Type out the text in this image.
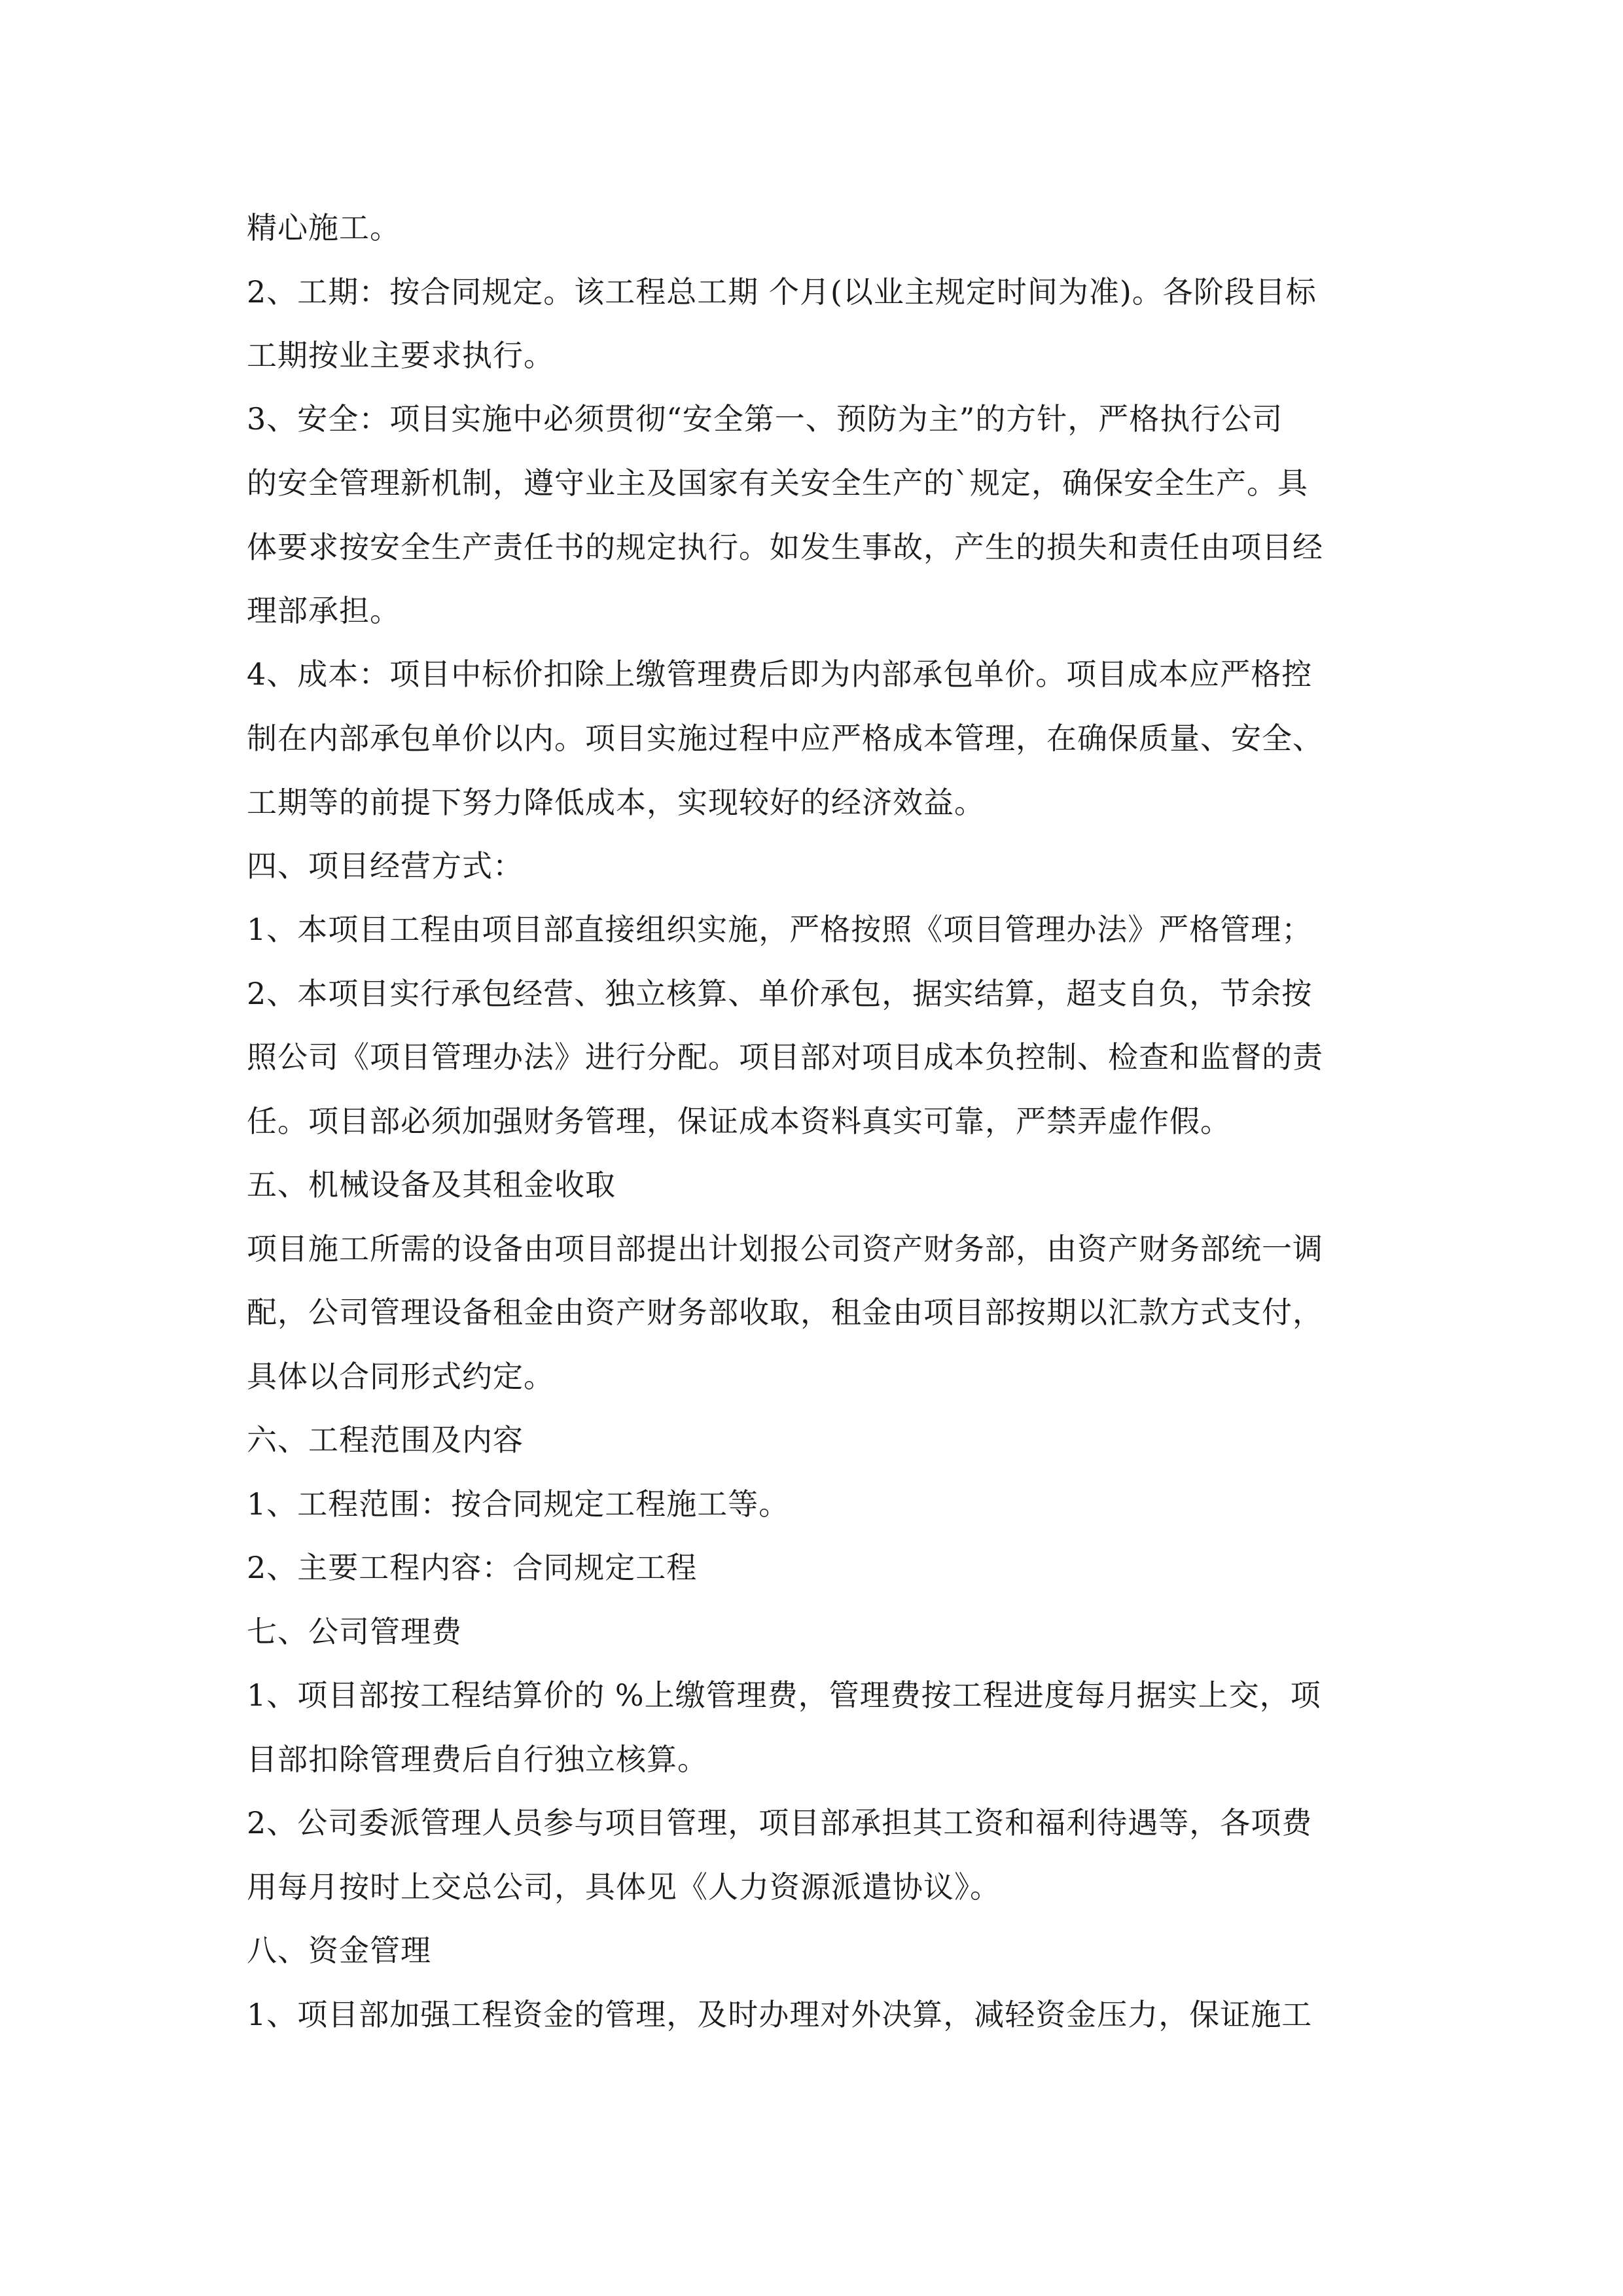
精心施工。
2、工期：按合同规定。该工程总工期 个月(以业主规定时间为准)。各阶段目标
工期按业主要求执行。
3、安全：项目实施中必须贯彻“安全第一、预防为主”的方针，严格执行公司
的安全管理新机制，遵守业主及国家有关安全生产的`规定，确保安全生产。具
体要求按安全生产责任书的规定执行。如发生事故，产生的损失和责任由项目经
理部承担。
4、成本：项目中标价扣除上缴管理费后即为内部承包单价。项目成本应严格控
制在内部承包单价以内。项目实施过程中应严格成本管理，在确保质量、安全、
工期等的前提下努力降低成本，实现较好的经济效益。
四、项目经营方式：
1、本项目工程由项目部直接组织实施，严格按照《项目管理办法》严格管理；
2、本项目实行承包经营、独立核算、单价承包，据实结算，超支自负，节余按
照公司《项目管理办法》进行分配。项目部对项目成本负控制、检查和监督的责
任。项目部必须加强财务管理，保证成本资料真实可靠，严禁弄虚作假。
五、机械设备及其租金收取
项目施工所需的设备由项目部提出计划报公司资产财务部，由资产财务部统一调
配，公司管理设备租金由资产财务部收取，租金由项目部按期以汇款方式支付，
具体以合同形式约定。
六、工程范围及内容
1、工程范围：按合同规定工程施工等。
2、主要工程内容：合同规定工程
七、公司管理费
1、项目部按工程结算价的 %上缴管理费，管理费按工程进度每月据实上交，项
目部扣除管理费后自行独立核算。
2、公司委派管理人员参与项目管理，项目部承担其工资和福利待遇等，各项费
用每月按时上交总公司，具体见《人力资源派遣协议》。
八、资金管理
1、项目部加强工程资金的管理，及时办理对外决算，减轻资金压力，保证施工
